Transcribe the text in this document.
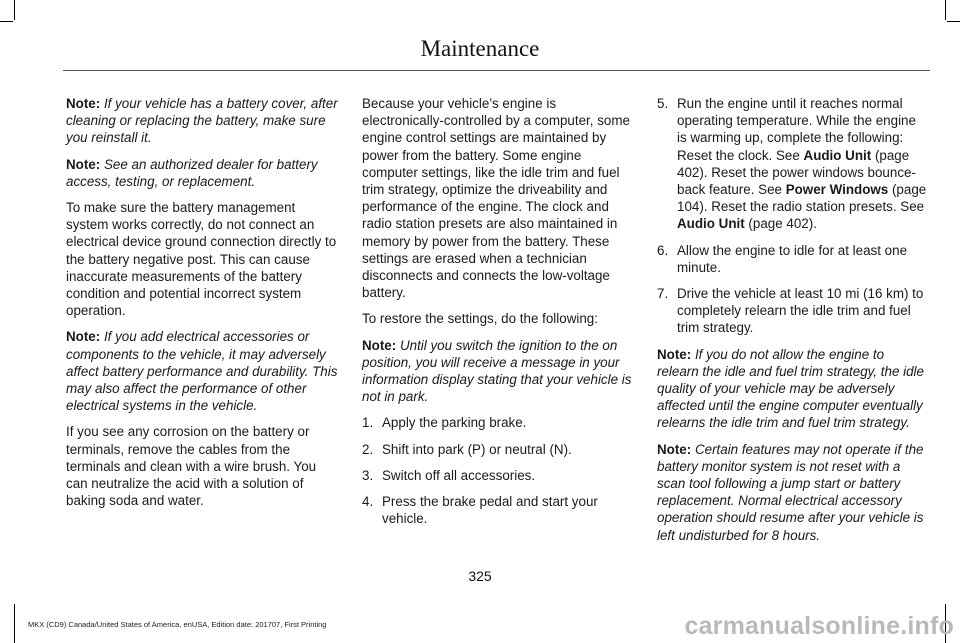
Maintenance

Note: If your vehicle has a battery cover, after cleaning or replacing the battery, make sure you reinstall it.

Note: See an authorized dealer for battery access, testing, or replacement.

To make sure the battery management system works correctly, do not connect an electrical device ground connection directly to the battery negative post. This can cause inaccurate measurements of the battery condition and potential incorrect system operation.

Note: If you add electrical accessories or components to the vehicle, it may adversely affect battery performance and durability. This may also affect the performance of other electrical systems in the vehicle.

If you see any corrosion on the battery or terminals, remove the cables from the terminals and clean with a wire brush. You can neutralize the acid with a solution of baking soda and water.

Because your vehicle’s engine is electronically-controlled by a computer, some engine control settings are maintained by power from the battery. Some engine computer settings, like the idle trim and fuel trim strategy, optimize the driveability and performance of the engine. The clock and radio station presets are also maintained in memory by power from the battery. These settings are erased when a technician disconnects and connects the low-voltage battery.

To restore the settings, do the following:

Note: Until you switch the ignition to the on position, you will receive a message in your information display stating that your vehicle is not in park.

1. Apply the parking brake.
2. Shift into park (P) or neutral (N).
3. Switch off all accessories.
4. Press the brake pedal and start your vehicle.
5. Run the engine until it reaches normal operating temperature. While the engine is warming up, complete the following: Reset the clock. See Audio Unit (page 402). Reset the power windows bounce-back feature. See Power Windows (page 104). Reset the radio station presets. See Audio Unit (page 402).
6. Allow the engine to idle for at least one minute.
7. Drive the vehicle at least 10 mi (16 km) to completely relearn the idle trim and fuel trim strategy.

Note: If you do not allow the engine to relearn the idle and fuel trim strategy, the idle quality of your vehicle may be adversely affected until the engine computer eventually relearns the idle trim and fuel trim strategy.

Note: Certain features may not operate if the battery monitor system is not reset with a scan tool following a jump start or battery replacement. Normal electrical accessory operation should resume after your vehicle is left undisturbed for 8 hours.

325
MKX (CD9) Canada/United States of America, enUSA, Edition date: 201707, First Printing	carmanualsonline.info
